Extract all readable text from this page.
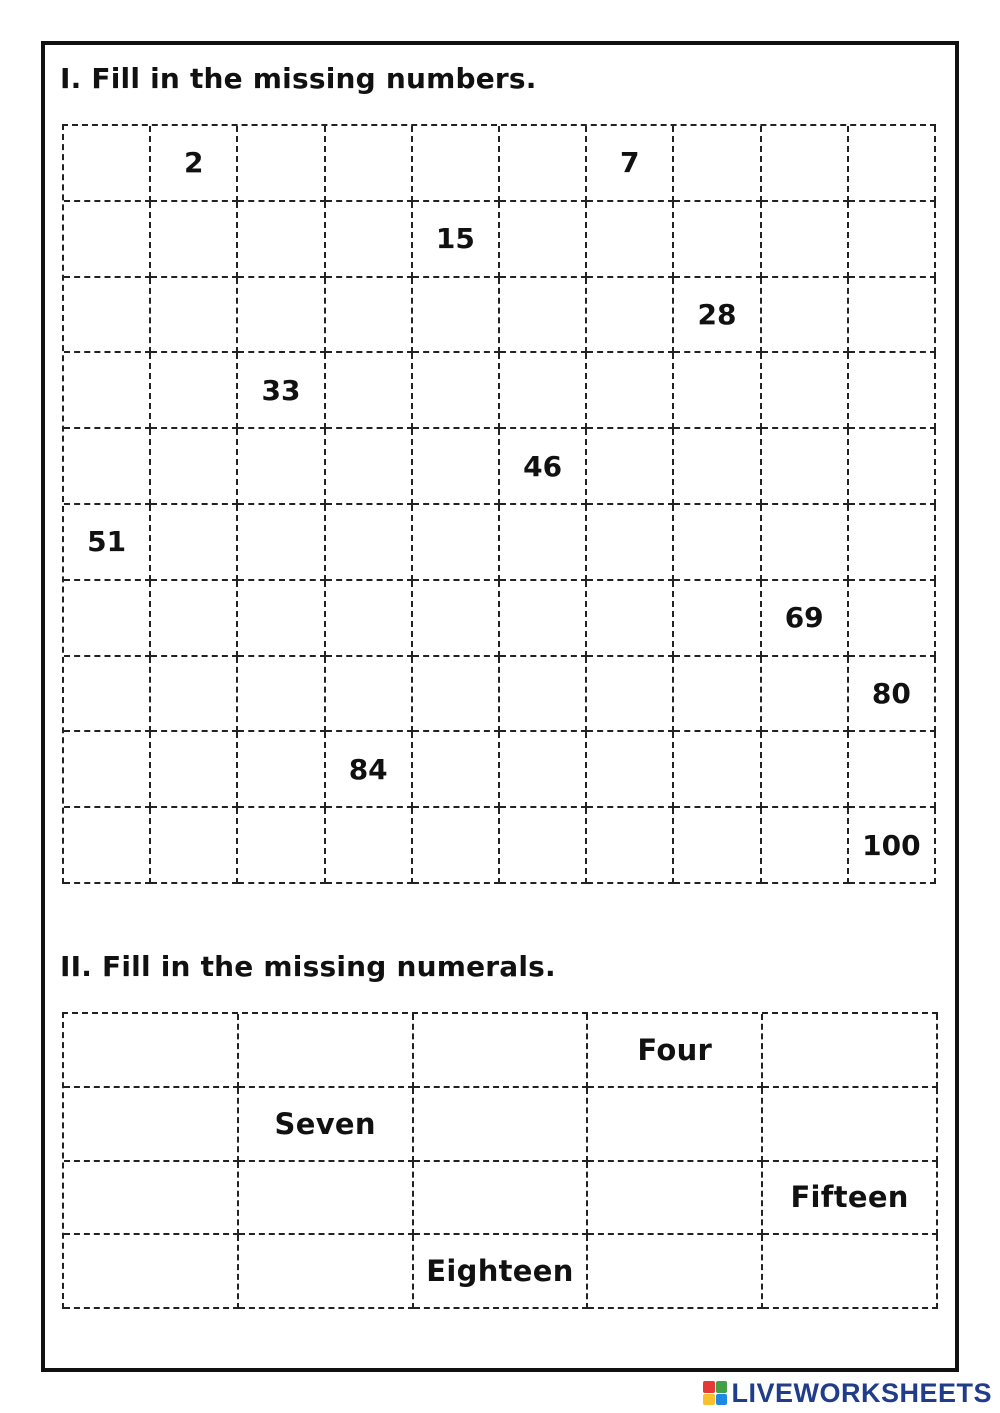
I. Fill in the missing numbers.
2	7
15
28
33
46
51
69
80
84
100
II. Fill in the missing numerals.
Four
Seven
Fifteen
Eighteen
LIVEWORKSHEETS
